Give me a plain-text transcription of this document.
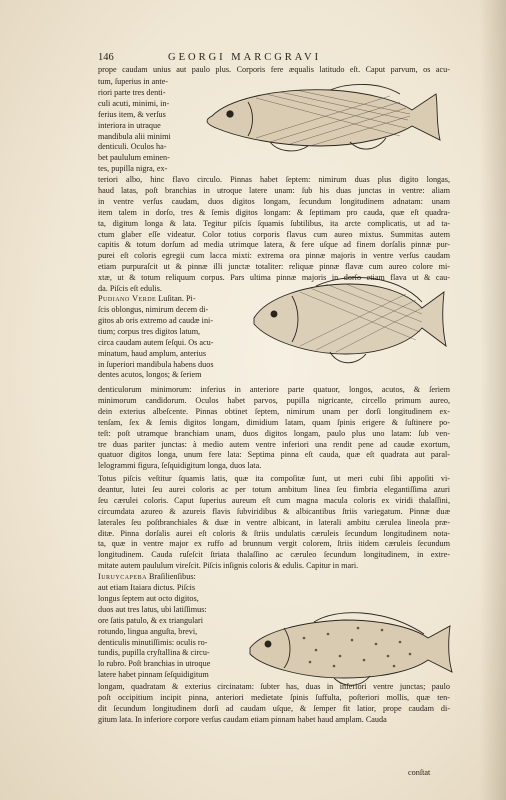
146	GEORGI MARCGRAVI
prope caudam unius aut paulo plus. Corporis fere æqualis latitudo eſt. Caput parvum, os acu-
tum, ſuperius in ante-
riori parte tres denti-
culi acuti, minimi, in-
ferius item, & verſus
interiora in utraque
mandibula alii minimi
denticuli. Oculos ha-
bet paululum eminen-
tes, pupilla nigra, ex-
teriori albo, hinc flavo circulo. Pinnas habet ſeptem: nimirum duas plus digito longas,
haud latas, poſt branchias in utroque latere unam: ſub his duas junctas in ventre: aliam
in ventre verſus caudam, duos digitos longam, ſecundum longitudinem adnatam: unam
item talem in dorſo, tres & ſemis digitos longam: & ſeptimam pro cauda, quæ eſt quadra-
ta, digitum longa & lata. Tegitur piſcis ſquamis ſubtilibus, ita arcte complicatis, ut ad ta-
ctum glaber eſſe videatur. Color totius corporis flavus cum aureo mixtus. Summitas autem
capitis & totum dorſum ad media utrimque latera, & fere uſque ad finem dorſalis pinnæ pur-
purei eſt coloris egregii cum lacca mixti: extrema ora pinnæ majoris in ventre verſus caudam
etiam purpuraſcit ut & pinnæ illi junctæ totaliter: reliquæ pinnæ flavæ cum aureo colore mi-
xtæ, ut & totum reliquum corpus. Pars ultima pinnæ majoris in dorſo etiam flava ut & cau-
da. Piſcis eſt edulis.
Pudiano Verde Luſitan. Pi-
ſcis oblongus, nimirum decem di-
gitos ab oris extremo ad caudæ ini-
tium; corpus tres digitos latum,
circa caudam autem ſeſqui. Os acu-
minatum, haud amplum, anterius
in ſuperiori mandibula habens duos
dentes acutos, longos; & ſeriem
denticulorum minimorum: inferius in anteriore parte quatuor, longos, acutos, & ſeriem
minimorum candidorum. Oculos habet parvos, pupilla nigricante, circello primum aureo,
dein exterius albeſcente. Pinnas obtinet ſeptem, nimirum unam per dorſi longitudinem ex-
tenſam, ſex & ſemis digitos longam, dimidium latam, quam ſpinis erigere & ſuſtinere po-
teſt: poſt utramque branchiam unam, duos digitos longam, paulo plus uno latam: ſub ven-
tre duas pariter junctas: à medio autem ventre inferiori una rendit pene ad caudæ exortum,
quatuor digitos longa, unum fere lata: Septima pinna eſt cauda, quæ eſt quadrata aut paral-
lelogrammi figura, ſeſquidigitum longa, duos lata.
Totus piſcis veſtitur ſquamis latis, quæ ita compoſitæ ſunt, ut meri cubi ſibi appoſiti vi-
deantur, lutei ſeu aurei coloris ac per totum ambitum linea ſeu fimbria elegantiſſima azuri
ſeu cærulei coloris. Caput ſuperius aureum eſt cum magna macula coloris ex viridi thalaſſini,
circumdata azureo & azureis flavis ſubviridibus & albicantibus ſtriis variegatum. Pinnæ duæ
laterales ſeu poſtbranchiales & duæ in ventre albicant, in laterali ambitu cærulea lineola præ-
ditæ. Pinna dorſalis aurei eſt coloris & ſtriis undulatis cæruleis ſecundum longitudinem nota-
ta, quæ in ventre major ex ruffo ad brunnum vergit colorem, ſtriis itidem cæruleis ſecundum
longitudinem. Cauda ruſeſcit ſtriata thalaſſino ac cæruleo ſecundum longitudinem, in extre-
mitate autem paululum vireſcit. Piſcis inſignis coloris & edulis. Capitur in mari.
Iuruycapeba Braſilienſibus:
aut etiam Itaiara dictus. Piſcis
longus ſeptem aut octo digitos,
duos aut tres latus, ubi latiſſimus:
ore ſatis patulo, & ex triangulari
rotundo, lingua anguſta, brevi,
denticulis minutiſſimis: oculis ro-
tundis, pupilla cryſtallina & circu-
lo rubro. Poſt branchias in utroque
latere habet pinnam ſeſquidigitum
longam, quadratam & exterius circinatam: ſubter has, duas in inferiori ventre junctas; paulo
poſt occipitium incipit pinna, anteriori medietate ſpinis ſuffulta, poſteriori mollis, quæ ten-
dit ſecundum longitudinem dorſi ad caudam uſque, & ſemper fit latior, prope caudam di-
gitum lata. In inferiore corpore verſus caudam etiam pinnam habet haud amplam. Cauda
conſtat
